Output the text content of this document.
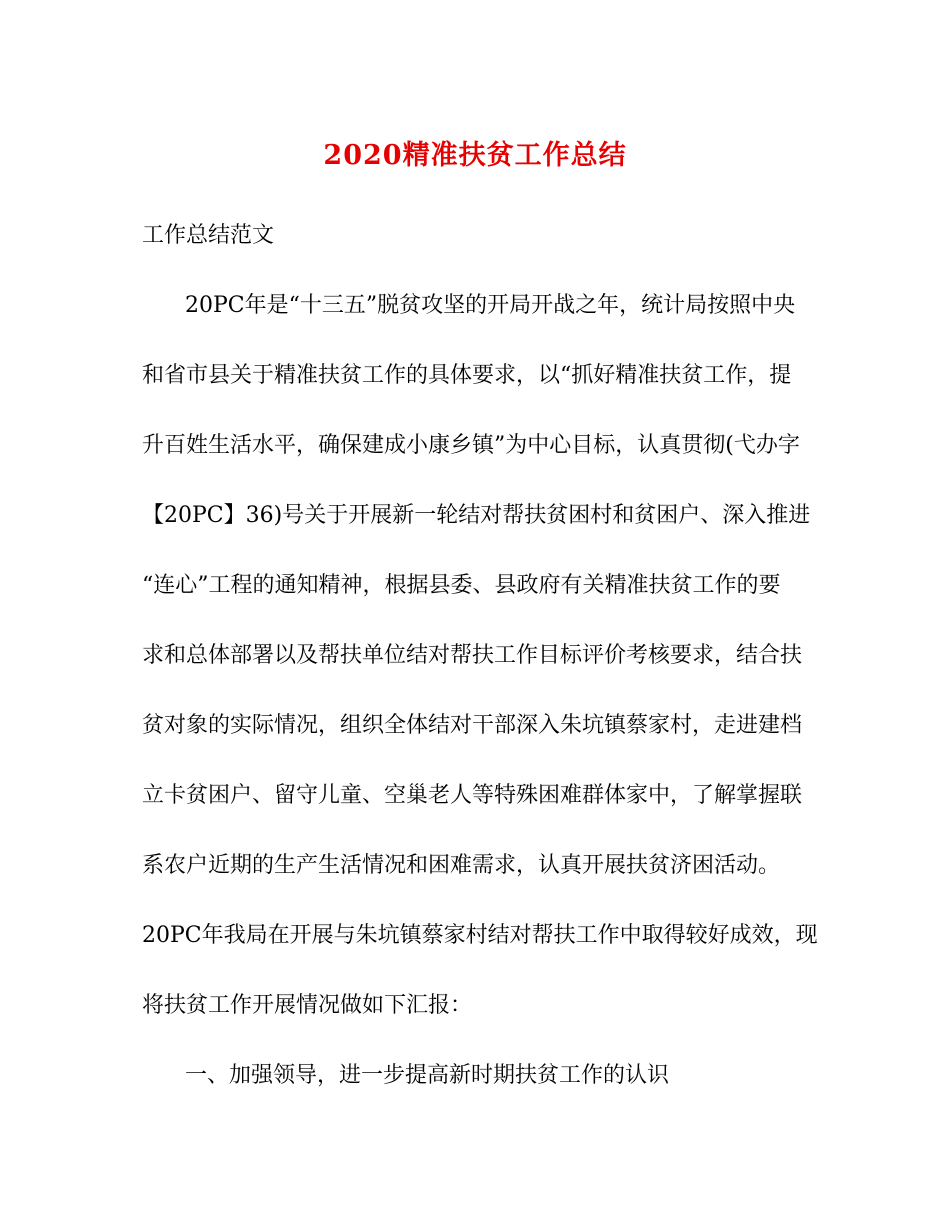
2020精准扶贫工作总结
工作总结范文
20PC年是“十三五”脱贫攻坚的开局开战之年，统计局按照中央
和省市县关于精准扶贫工作的具体要求，以“抓好精准扶贫工作，提
升百姓生活水平，确保建成小康乡镇”为中心目标，认真贯彻(弋办字
【20PC】36)号关于开展新一轮结对帮扶贫困村和贫困户、深入推进
“连心”工程的通知精神，根据县委、县政府有关精准扶贫工作的要
求和总体部署以及帮扶单位结对帮扶工作目标评价考核要求，结合扶
贫对象的实际情况，组织全体结对干部深入朱坑镇蔡家村，走进建档
立卡贫困户、留守儿童、空巢老人等特殊困难群体家中，了解掌握联
系农户近期的生产生活情况和困难需求，认真开展扶贫济困活动。
20PC年我局在开展与朱坑镇蔡家村结对帮扶工作中取得较好成效，现
将扶贫工作开展情况做如下汇报：
一、加强领导，进一步提高新时期扶贫工作的认识
